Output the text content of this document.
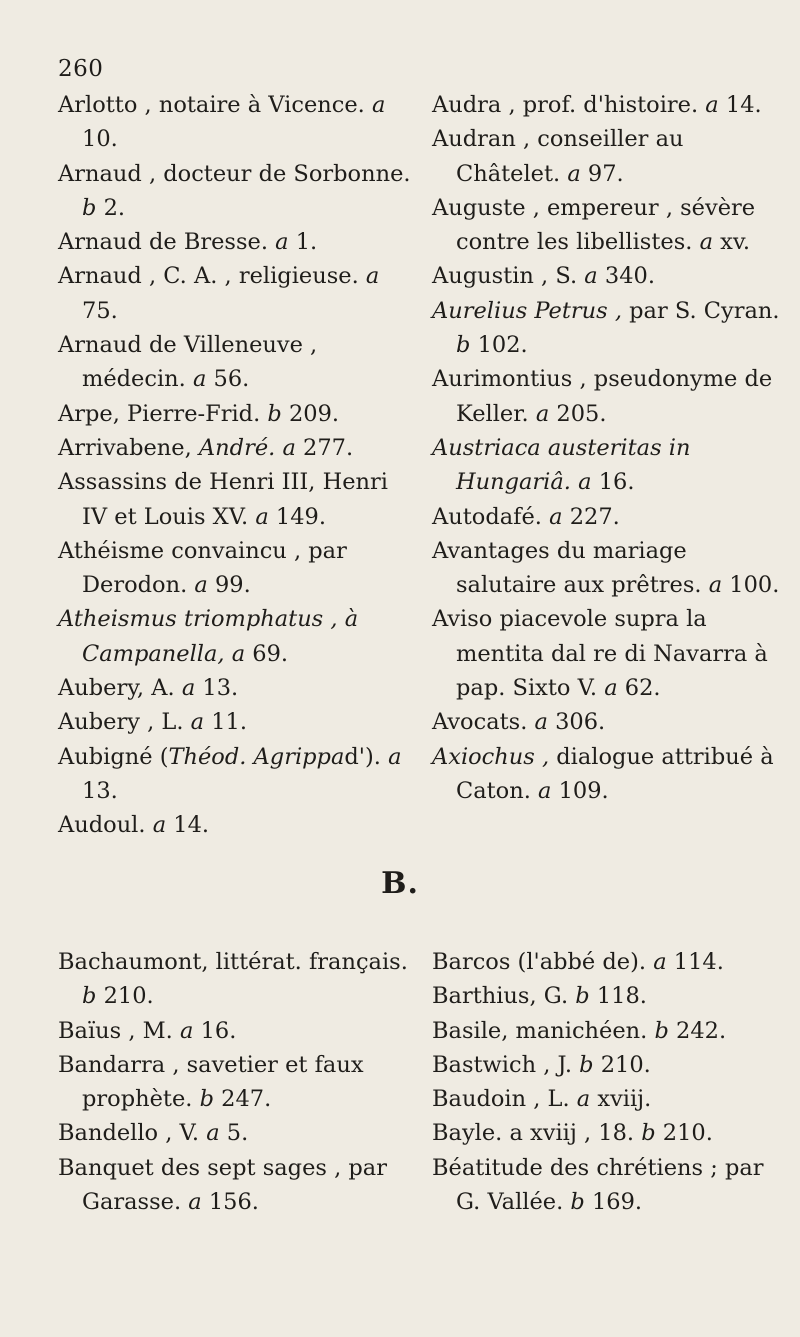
260

Arlotto , notaire à Vicence. a 10.

Arnaud , docteur de Sorbonne. b 2.

Arnaud de Bresse. a 1.

Arnaud , C. A. , religieuse. a 75.

Arnaud de Villeneuve , médecin. a 56.

Arpe, Pierre-Frid. b 209.

Arrivabene, André. a 277.

Assassins de Henri III, Henri IV et Louis XV. a 149.

Athéisme convaincu , par Derodon. a 99.

Atheismus triomphatus , à Campanella, a 69.

Aubery, A. a 13.

Aubery , L. a 11.

Aubigné (Théod. Agrippad'). a 13.

Audoul. a 14.

Audra , prof. d'histoire. a 14.

Audran , conseiller au Châtelet. a 97.

Auguste , empereur , sévère contre les libellistes. a xv.

Augustin , S. a 340.

Aurelius Petrus , par S. Cyran. b 102.

Aurimontius , pseudonyme de Keller. a 205.

Austriaca austeritas in Hungariâ. a 16.

Autodafé. a 227.

Avantages du mariage salutaire aux prêtres. a 100.

Aviso piacevole supra la mentita dal re di Navarra à pap. Sixto V. a 62.

Avocats. a 306.

Axiochus , dialogue attribué à Caton. a 109.

B.

Bachaumont, littérat. français. b 210.

Baïus , M. a 16.

Bandarra , savetier et faux prophète. b 247.

Bandello , V. a 5.

Banquet des sept sages , par Garasse. a 156.

Barcos (l'abbé de). a 114.

Barthius, G. b 118.

Basile, manichéen. b 242.

Bastwich , J. b 210.

Baudoin , L. a xviij.

Bayle. a xviij , 18. b 210.

Béatitude des chrétiens ; par G. Vallée. b 169.
